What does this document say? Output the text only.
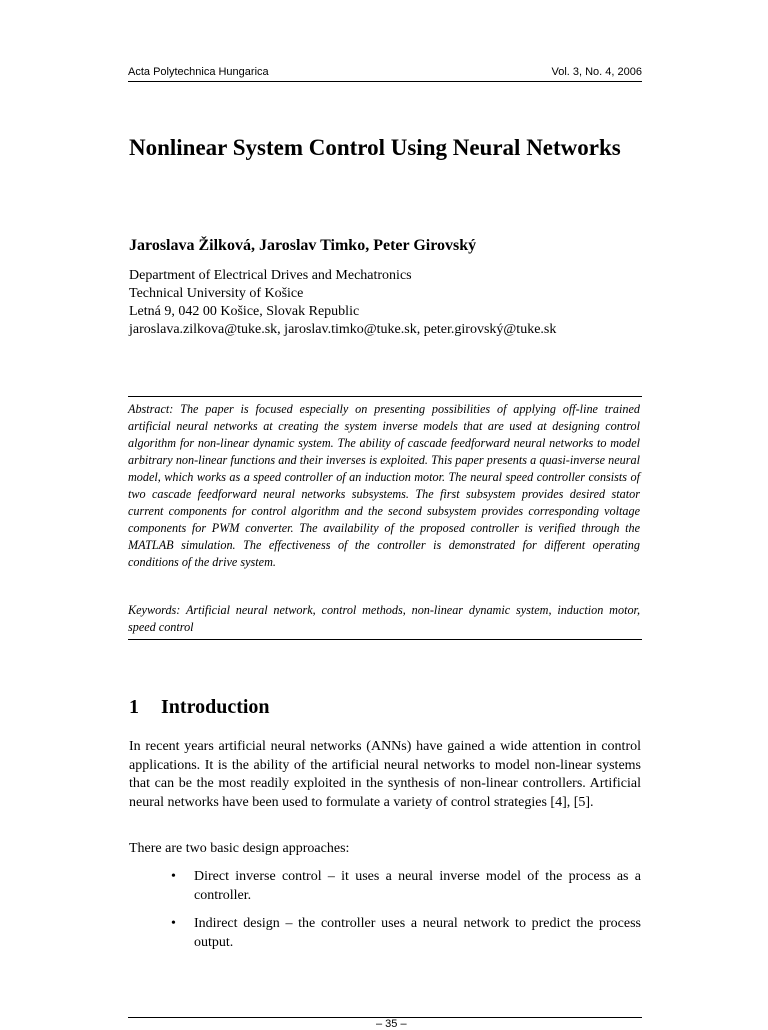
Acta Polytechnica Hungarica	Vol. 3, No. 4, 2006
Nonlinear System Control Using Neural Networks

Jaroslava Žilková, Jaroslav Timko, Peter Girovský

Department of Electrical Drives and Mechatronics
Technical University of Košice
Letná 9, 042 00 Košice, Slovak Republic
jaroslava.zilkova@tuke.sk, jaroslav.timko@tuke.sk, peter.girovský@tuke.sk

Abstract: The paper is focused especially on presenting possibilities of applying off-line trained artificial neural networks at creating the system inverse models that are used at designing control algorithm for non-linear dynamic system. The ability of cascade feedforward neural networks to model arbitrary non-linear functions and their inverses is exploited. This paper presents a quasi-inverse neural model, which works as a speed controller of an induction motor. The neural speed controller consists of two cascade feedforward neural networks subsystems. The first subsystem provides desired stator current components for control algorithm and the second subsystem provides corresponding voltage components for PWM converter. The availability of the proposed controller is verified through the MATLAB simulation. The effectiveness of the controller is demonstrated for different operating conditions of the drive system.

Keywords: Artificial neural network, control methods, non-linear dynamic system, induction motor, speed control

1 Introduction

In recent years artificial neural networks (ANNs) have gained a wide attention in control applications. It is the ability of the artificial neural networks to model non-linear systems that can be the most readily exploited in the synthesis of non-linear controllers. Artificial neural networks have been used to formulate a variety of control strategies [4], [5].

There are two basic design approaches:

• Direct inverse control – it uses a neural inverse model of the process as a controller.
• Indirect design – the controller uses a neural network to predict the process output.
– 35 –
